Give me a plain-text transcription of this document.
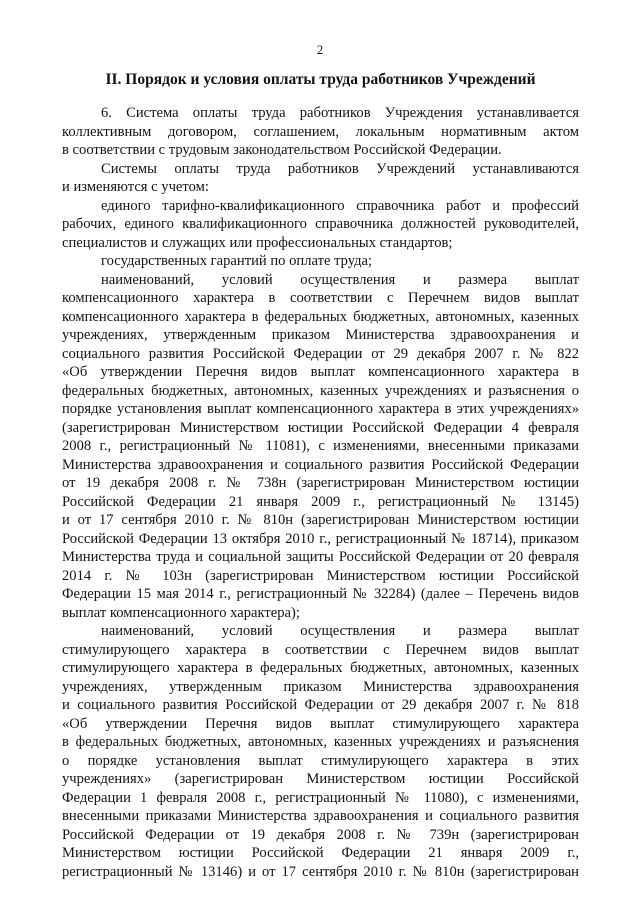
2
II. Порядок и условия оплаты труда работников Учреждений
6. Система оплаты труда работников Учреждения устанавливается
коллективным договором, соглашением, локальным нормативным актом
в соответствии с трудовым законодательством Российской Федерации.
Системы оплаты труда работников Учреждений устанавливаются
и изменяются с учетом:
единого тарифно-квалификационного справочника работ и профессий
рабочих, единого квалификационного справочника должностей руководителей,
специалистов и служащих или профессиональных стандартов;
государственных гарантий по оплате труда;
наименований, условий осуществления и размера выплат
компенсационного характера в соответствии с Перечнем видов выплат
компенсационного характера в федеральных бюджетных, автономных, казенных
учреждениях, утвержденным приказом Министерства здравоохранения и
социального развития Российской Федерации от 29 декабря 2007 г. № 822
«Об утверждении Перечня видов выплат компенсационного характера в
федеральных бюджетных, автономных, казенных учреждениях и разъяснения о
порядке установления выплат компенсационного характера в этих учреждениях»
(зарегистрирован Министерством юстиции Российской Федерации 4 февраля
2008 г., регистрационный № 11081), с изменениями, внесенными приказами
Министерства здравоохранения и социального развития Российской Федерации
от 19 декабря 2008 г. № 738н (зарегистрирован Министерством юстиции
Российской Федерации 21 января 2009 г., регистрационный № 13145)
и от 17 сентября 2010 г. № 810н (зарегистрирован Министерством юстиции
Российской Федерации 13 октября 2010 г., регистрационный № 18714), приказом
Министерства труда и социальной защиты Российской Федерации от 20 февраля
2014 г. № 103н (зарегистрирован Министерством юстиции Российской
Федерации 15 мая 2014 г., регистрационный № 32284) (далее – Перечень видов
выплат компенсационного характера);
наименований, условий осуществления и размера выплат
стимулирующего характера в соответствии с Перечнем видов выплат
стимулирующего характера в федеральных бюджетных, автономных, казенных
учреждениях, утвержденным приказом Министерства здравоохранения
и социального развития Российской Федерации от 29 декабря 2007 г. № 818
«Об утверждении Перечня видов выплат стимулирующего характера
в федеральных бюджетных, автономных, казенных учреждениях и разъяснения
о порядке установления выплат стимулирующего характера в этих
учреждениях» (зарегистрирован Министерством юстиции Российской
Федерации 1 февраля 2008 г., регистрационный № 11080), с изменениями,
внесенными приказами Министерства здравоохранения и социального развития
Российской Федерации от 19 декабря 2008 г. № 739н (зарегистрирован
Министерством юстиции Российской Федерации 21 января 2009 г.,
регистрационный № 13146) и от 17 сентября 2010 г. № 810н (зарегистрирован
